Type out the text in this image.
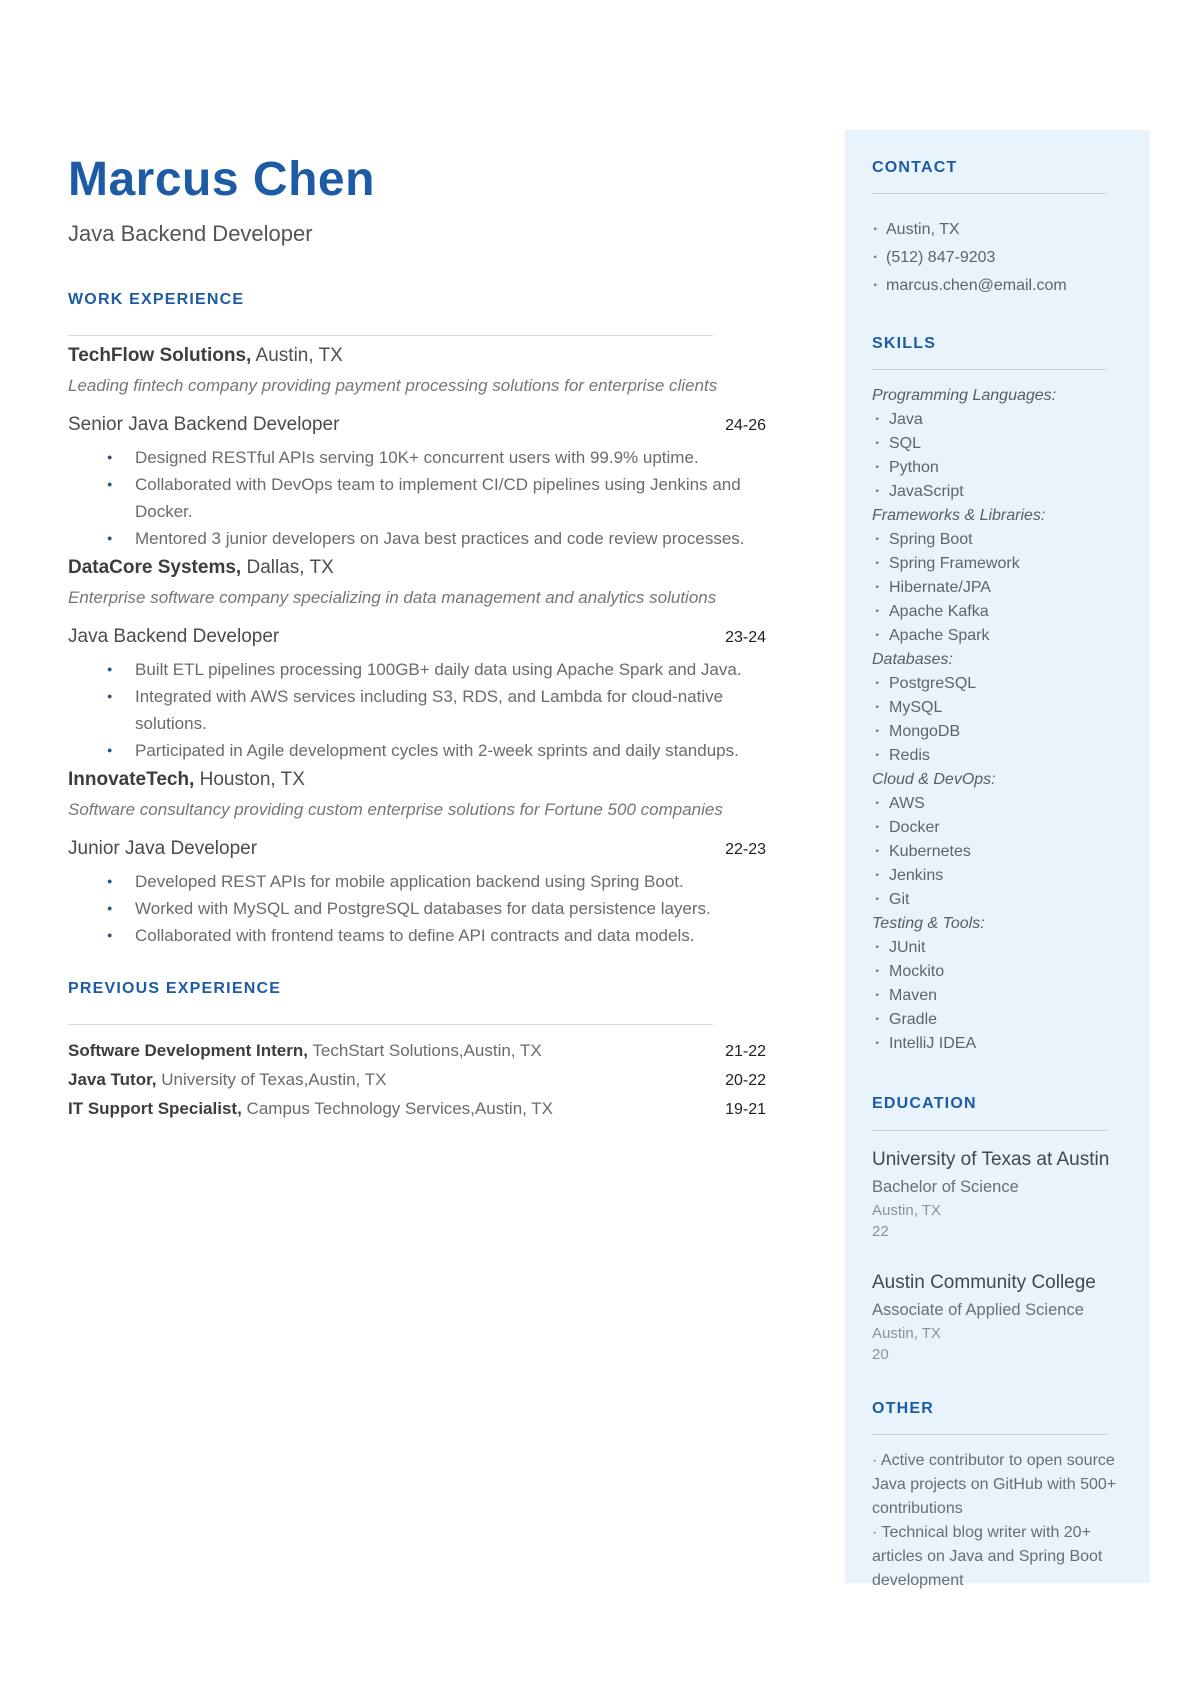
Marcus Chen
Java Backend Developer
WORK EXPERIENCE
TechFlow Solutions, Austin, TX
Leading fintech company providing payment processing solutions for enterprise clients
Senior Java Backend Developer	24-26
● Designed RESTful APIs serving 10K+ concurrent users with 99.9% uptime.
● Collaborated with DevOps team to implement CI/CD pipelines using Jenkins and Docker.
● Mentored 3 junior developers on Java best practices and code review processes.
DataCore Systems, Dallas, TX
Enterprise software company specializing in data management and analytics solutions
Java Backend Developer	23-24
● Built ETL pipelines processing 100GB+ daily data using Apache Spark and Java.
● Integrated with AWS services including S3, RDS, and Lambda for cloud-native solutions.
● Participated in Agile development cycles with 2-week sprints and daily standups.
InnovateTech, Houston, TX
Software consultancy providing custom enterprise solutions for Fortune 500 companies
Junior Java Developer	22-23
● Developed REST APIs for mobile application backend using Spring Boot.
● Worked with MySQL and PostgreSQL databases for data persistence layers.
● Collaborated with frontend teams to define API contracts and data models.
PREVIOUS EXPERIENCE
Software Development Intern, TechStart Solutions,Austin, TX	21-22
Java Tutor, University of Texas,Austin, TX	20-22
IT Support Specialist, Campus Technology Services,Austin, TX	19-21
CONTACT
· Austin, TX
· (512) 847-9203
· marcus.chen@email.com
SKILLS
Programming Languages:
· Java
· SQL
· Python
· JavaScript
Frameworks & Libraries:
· Spring Boot
· Spring Framework
· Hibernate/JPA
· Apache Kafka
· Apache Spark
Databases:
· PostgreSQL
· MySQL
· MongoDB
· Redis
Cloud & DevOps:
· AWS
· Docker
· Kubernetes
· Jenkins
· Git
Testing & Tools:
· JUnit
· Mockito
· Maven
· Gradle
· IntelliJ IDEA
EDUCATION
University of Texas at Austin
Bachelor of Science
Austin, TX
22
Austin Community College
Associate of Applied Science
Austin, TX
20
OTHER
· Active contributor to open source Java projects on GitHub with 500+ contributions
· Technical blog writer with 20+ articles on Java and Spring Boot development
